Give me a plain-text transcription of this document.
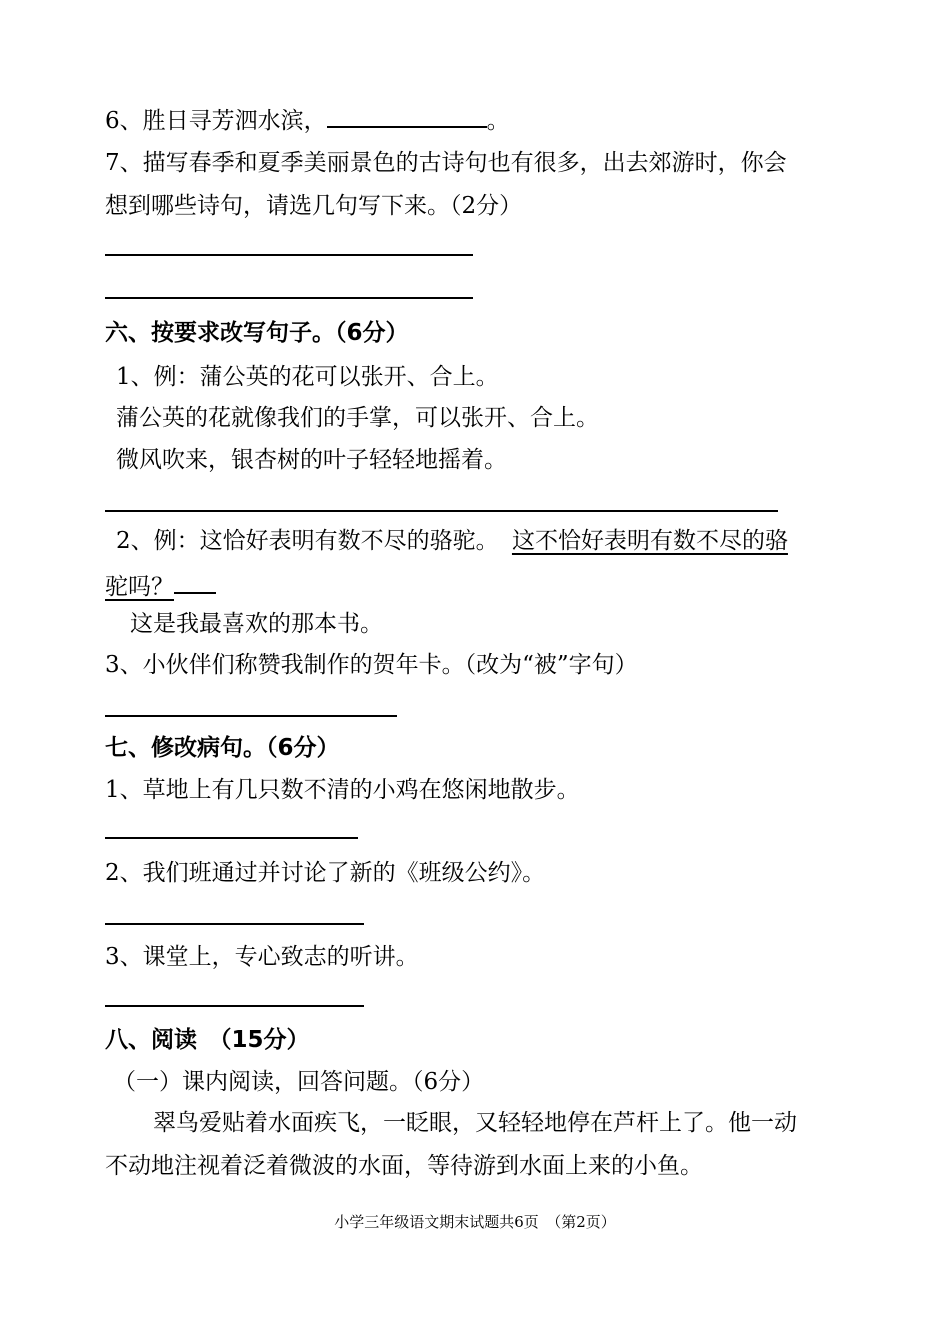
6、胜日寻芳泗水滨，	。
7、描写春季和夏季美丽景色的古诗句也有很多，出去郊游时，你会
想到哪些诗句，请选几句写下来。（2分）
六、按要求改写句子。（6分）
1、例：蒲公英的花可以张开、合上。
蒲公英的花就像我们的手掌，可以张开、合上。
微风吹来，银杏树的叶子轻轻地摇着。
2、例：这恰好表明有数不尽的骆驼。 这不恰好表明有数不尽的骆
驼吗？
这是我最喜欢的那本书。
3、小伙伴们称赞我制作的贺年卡。（改为“被”字句）
七、修改病句。（6分）
1、草地上有几只数不清的小鸡在悠闲地散步。
2、我们班通过并讨论了新的《班级公约》。
3、课堂上，专心致志的听讲。
八、阅读　（15分）
（一）课内阅读，回答问题。（6分）
翠鸟爱贴着水面疾飞，一眨眼，又轻轻地停在芦杆上了。他一动
不动地注视着泛着微波的水面，等待游到水面上来的小鱼。
小学三年级语文期末试题共6页　（第2页）
